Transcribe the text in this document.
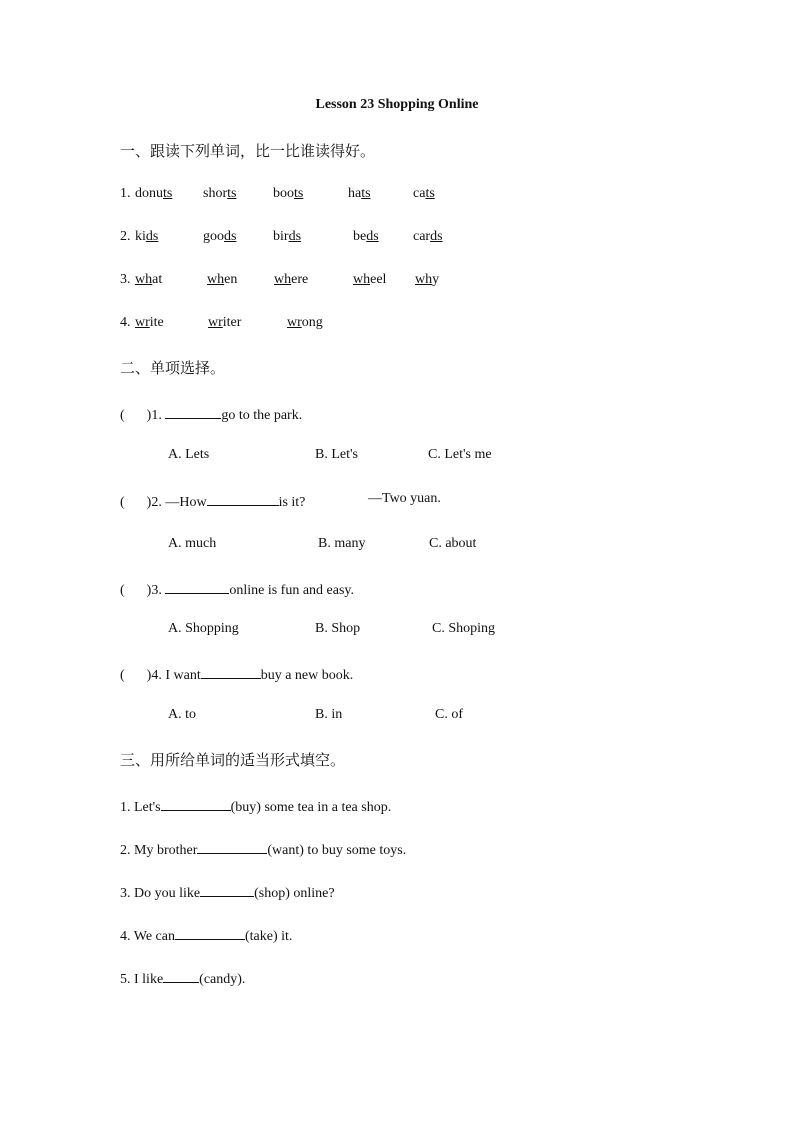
Lesson 23 Shopping Online
一、跟读下列单词，比一比谁读得好。
1. donuts shorts	boots	hats	cats
2. kids	goods	birds	beds cards
3. what	when	where	wheel why
4. write	writer	wrong
二、单项选择。
( )1.	go to the park.
A. Lets	B. Let's	C. Let's me
( )2. —How	is it?	—Two yuan.
A. much	B. many	C. about
( )3.	online is fun and easy.
A. Shopping	B. Shop	C. Shoping
( )4. I want	buy a new book.
A. to	B. in	C. of
三、用所给单词的适当形式填空。
1. Let's	(buy) some tea in a tea shop.
2. My brother	(want) to buy some toys.
3. Do you like	(shop) online?
4. We can	(take) it.
5. I like	(candy).
